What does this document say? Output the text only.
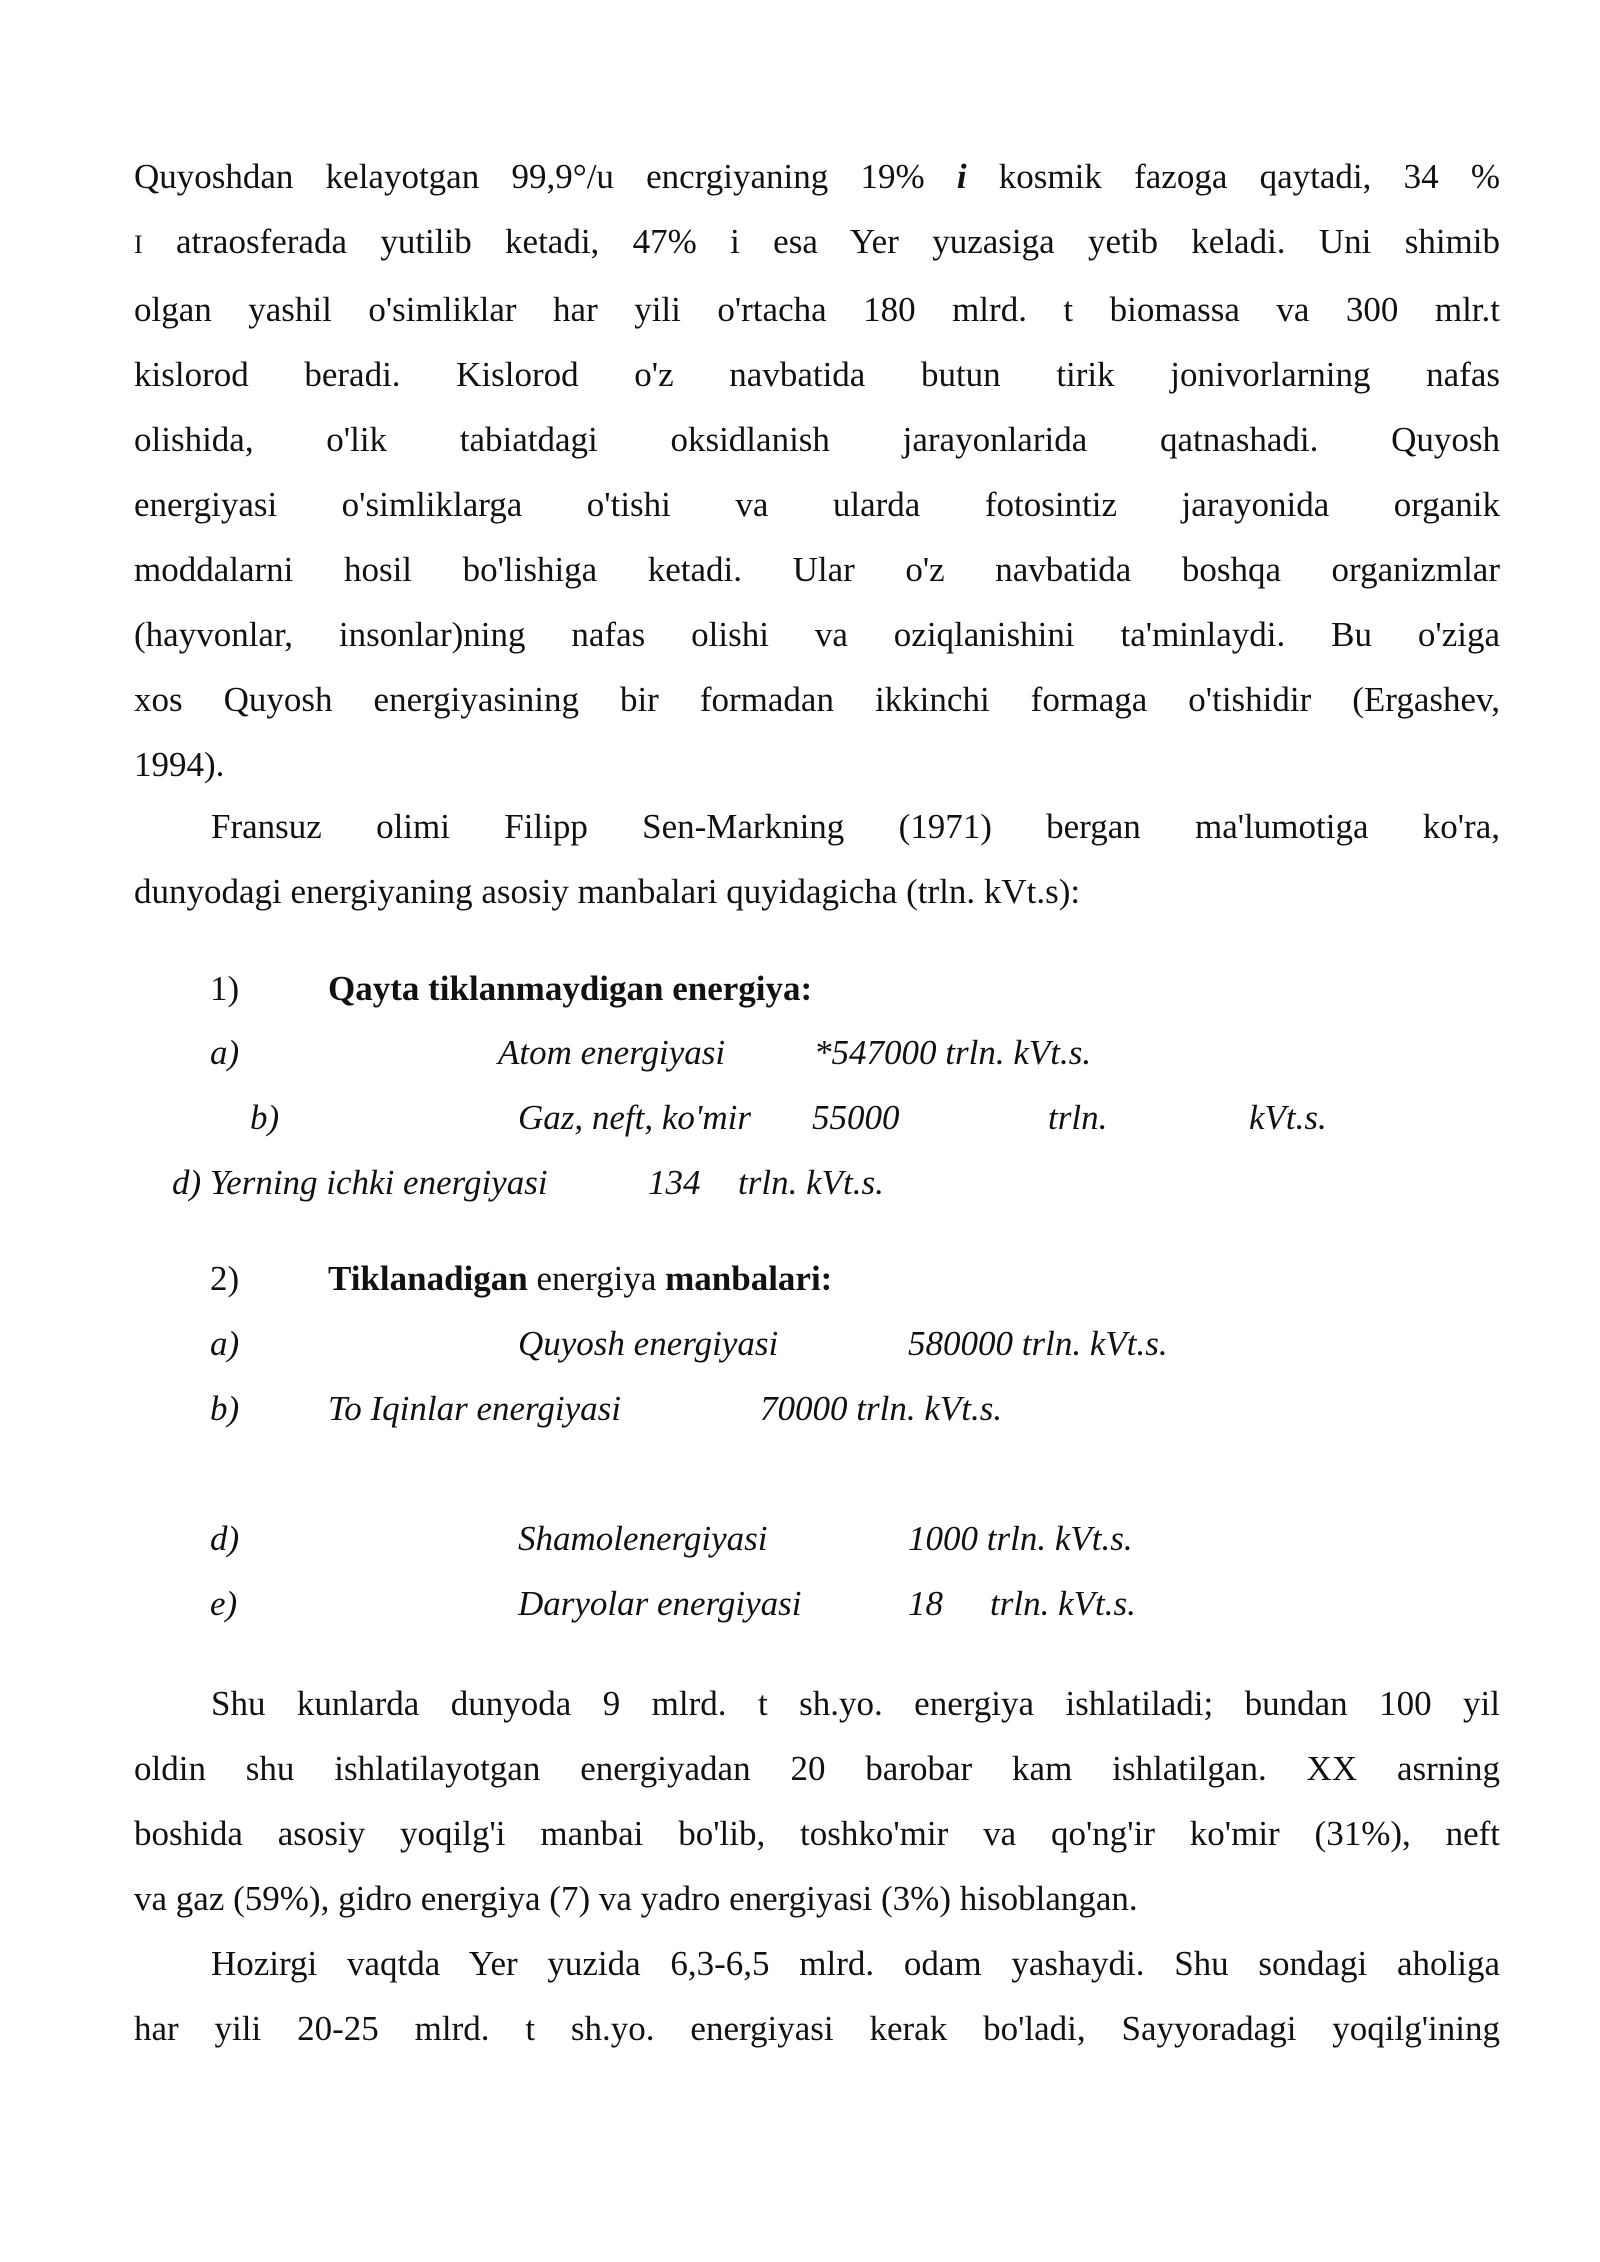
Quyoshdan kelayotgan 99,9°/u encrgiyaning 19% i kosmik fazoga qaytadi, 34 %
I atraosferada yutilib ketadi, 47% i esa Yer yuzasiga yetib keladi. Uni shimib
olgan yashil o'simliklar har yili o'rtacha 180 mlrd. t biomassa va 300 mlr.t
kislorod beradi. Kislorod o'z navbatida butun tirik jonivorlarning nafas
olishida, o'lik tabiatdagi oksidlanish jarayonlarida qatnashadi. Quyosh
energiyasi o'simliklarga o'tishi va ularda fotosintiz jarayonida organik
moddalarni hosil bo'lishiga ketadi. Ular o'z navbatida boshqa organizmlar
(hayvonlar, insonlar)ning nafas olishi va oziqlanishini ta'minlaydi. Bu o'ziga
xos Quyosh energiyasining bir formadan ikkinchi formaga o'tishidir (Ergashev,
1994).
Fransuz olimi Filipp Sen-Markning (1971) bergan ma'lumotiga ko'ra,
dunyodagi energiyaning asosiy manbalari quyidagicha (trln. kVt.s):
1)	Qayta tiklanmaydigan energiya:
a)	Atom energiyasi	*547000 trln. kVt.s.
b)	Gaz, neft, ko'mir 55000	trln.	kVt.s.
d) Yerning ichki energiyasi	134 trln. kVt.s.
2)	Tiklanadigan energiya manbalari:
a)	Quyosh energiyasi	580000 trln. kVt.s.
b)	To Iqinlar energiyasi	70000 trln. kVt.s.
d)	Shamolenergiyasi	1000 trln. kVt.s.
e)	Daryolar energiyasi	18 trln. kVt.s.
Shu kunlarda dunyoda 9 mlrd. t sh.yo. energiya ishlatiladi; bundan 100 yil
oldin shu ishlatilayotgan energiyadan 20 barobar kam ishlatilgan. XX asrning
boshida asosiy yoqilg'i manbai bo'lib, toshko'mir va qo'ng'ir ko'mir (31%), neft
va gaz (59%), gidro energiya (7) va yadro energiyasi (3%) hisoblangan.
Hozirgi vaqtda Yer yuzida 6,3-6,5 mlrd. odam yashaydi. Shu sondagi aholiga
har yili 20-25 mlrd. t sh.yo. energiyasi kerak bo'ladi, Sayyoradagi yoqilg'ining
